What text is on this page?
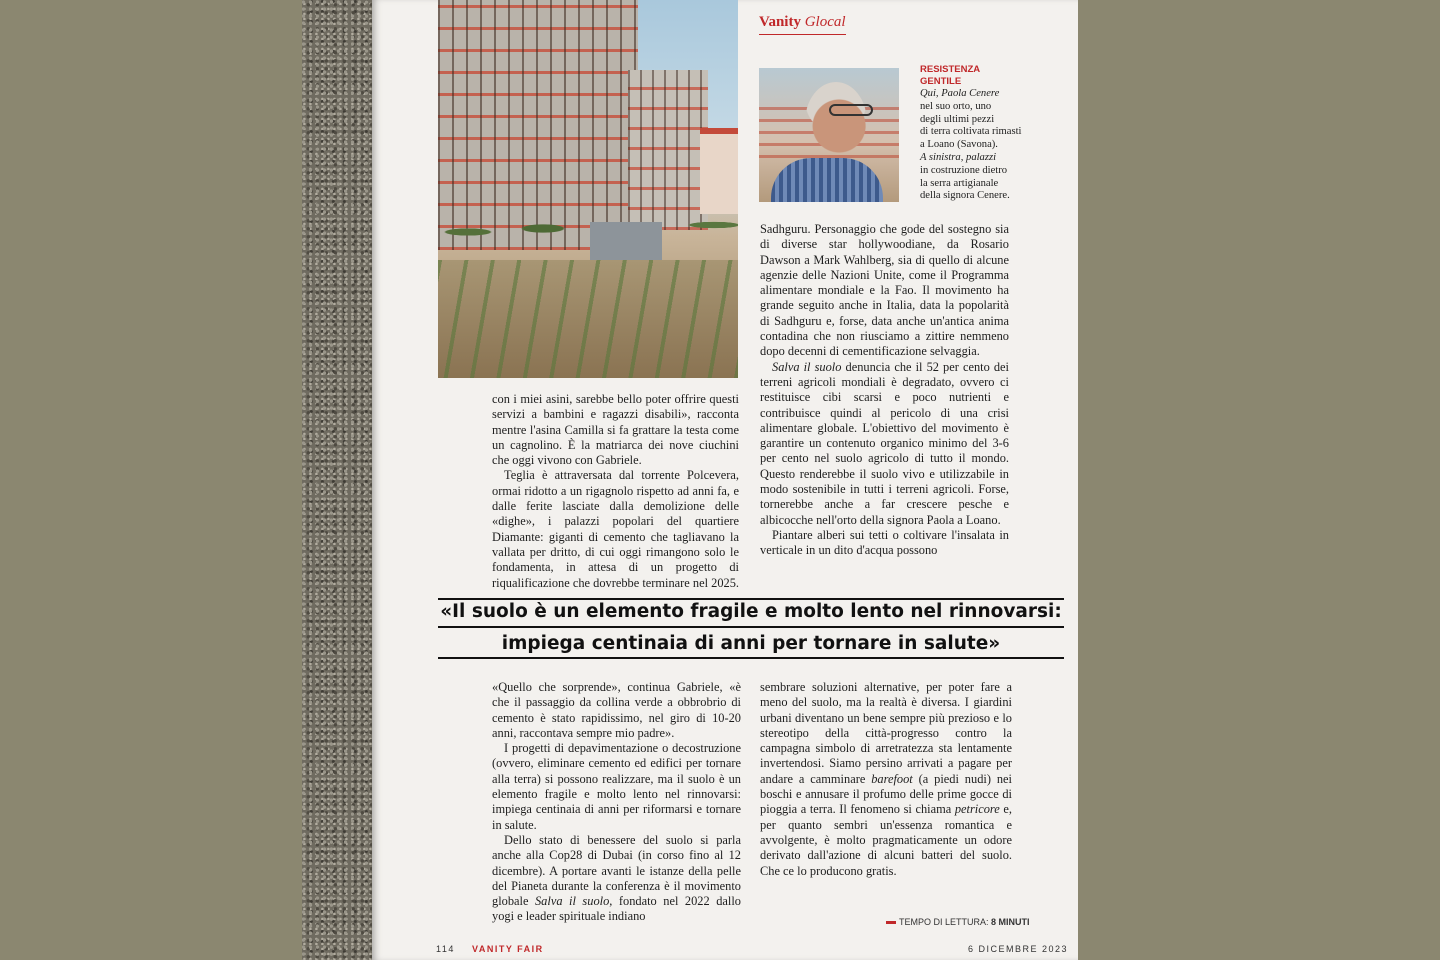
Vanity Glocal
RESISTENZA
GENTILE
Qui, Paola Cenere
nel suo orto, uno
degli ultimi pezzi
di terra coltivata rimasti
a Loano (Savona).
A sinistra, palazzi
in costruzione dietro
la serra artigianale
della signora Cenere.

con i miei asini, sarebbe bello poter offrire questi servizi a bambini e ragazzi disabili», racconta mentre l'asina Camilla si fa grattare la testa come un cagnolino. È la matriarca dei nove ciuchini che oggi vivono con Gabriele.

Teglia è attraversata dal torrente Polcevera, ormai ridotto a un rigagnolo rispetto ad anni fa, e dalle ferite lasciate dalla demolizione delle «dighe», i palazzi popolari del quartiere Diamante: giganti di cemento che tagliavano la vallata per dritto, di cui oggi rimangono solo le fondamenta, in attesa di un progetto di riqualificazione che dovrebbe terminare nel 2025.

Sadhguru. Personaggio che gode del sostegno sia di diverse star hollywoodiane, da Rosario Dawson a Mark Wahlberg, sia di quello di alcune agenzie delle Nazioni Unite, come il Programma alimentare mondiale e la Fao. Il movimento ha grande seguito anche in Italia, data la popolarità di Sadhguru e, forse, data anche un'antica anima contadina che non riusciamo a zittire nemmeno dopo decenni di cementificazione selvaggia.

Salva il suolo denuncia che il 52 per cento dei terreni agricoli mondiali è degradato, ovvero ci restituisce cibi scarsi e poco nutrienti e contribuisce quindi al pericolo di una crisi alimentare globale. L'obiettivo del movimento è garantire un contenuto organico minimo del 3-6 per cento nel suolo agricolo di tutto il mondo. Questo renderebbe il suolo vivo e utilizzabile in modo sostenibile in tutti i terreni agricoli. Forse, tornerebbe anche a far crescere pesche e albicocche nell'orto della signora Paola a Loano.

Piantare alberi sui tetti o coltivare l'insalata in verticale in un dito d'acqua possono

«Il suolo è un elemento fragile e molto lento nel rinnovarsi:
impiega centinaia di anni per tornare in salute»

«Quello che sorprende», continua Gabriele, «è che il passaggio da collina verde a obbrobrio di cemento è stato rapidissimo, nel giro di 10-20 anni, raccontava sempre mio padre».

I progetti di depavimentazione o decostruzione (ovvero, eliminare cemento ed edifici per tornare alla terra) si possono realizzare, ma il suolo è un elemento fragile e molto lento nel rinnovarsi: impiega centinaia di anni per riformarsi e tornare in salute.

Dello stato di benessere del suolo si parla anche alla Cop28 di Dubai (in corso fino al 12 dicembre). A portare avanti le istanze della pelle del Pianeta durante la conferenza è il movimento globale Salva il suolo, fondato nel 2022 dallo yogi e leader spirituale indiano

sembrare soluzioni alternative, per poter fare a meno del suolo, ma la realtà è diversa. I giardini urbani diventano un bene sempre più prezioso e lo stereotipo della città-progresso contro la campagna simbolo di arretratezza sta lentamente invertendosi. Siamo persino arrivati a pagare per andare a camminare barefoot (a piedi nudi) nei boschi e annusare il profumo delle prime gocce di pioggia a terra. Il fenomeno si chiama petricore e, per quanto sembri un'essenza romantica e avvolgente, è molto pragmaticamente un odore derivato dall'azione di alcuni batteri del suolo. Che ce lo producono gratis.

TEMPO DI LETTURA: 8 MINUTI
114 VANITY FAIR	6 DICEMBRE 2023
